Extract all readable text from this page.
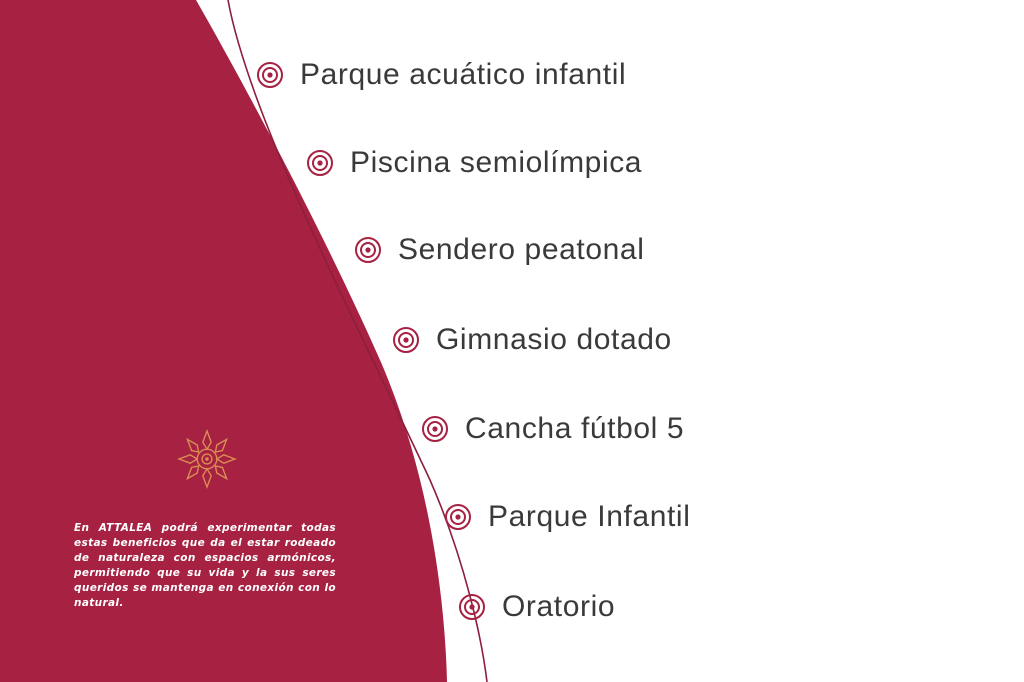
En ATTALEA podrá experimentar todas estas beneficios que da el estar rodeado de naturaleza con espacios armónicos, permitiendo que su vida y la sus seres queridos se mantenga en conexión con lo natural.
Parque acuático infantil
Piscina semiolímpica
Sendero peatonal
Gimnasio dotado
Cancha fútbol 5
Parque Infantil
Oratorio
